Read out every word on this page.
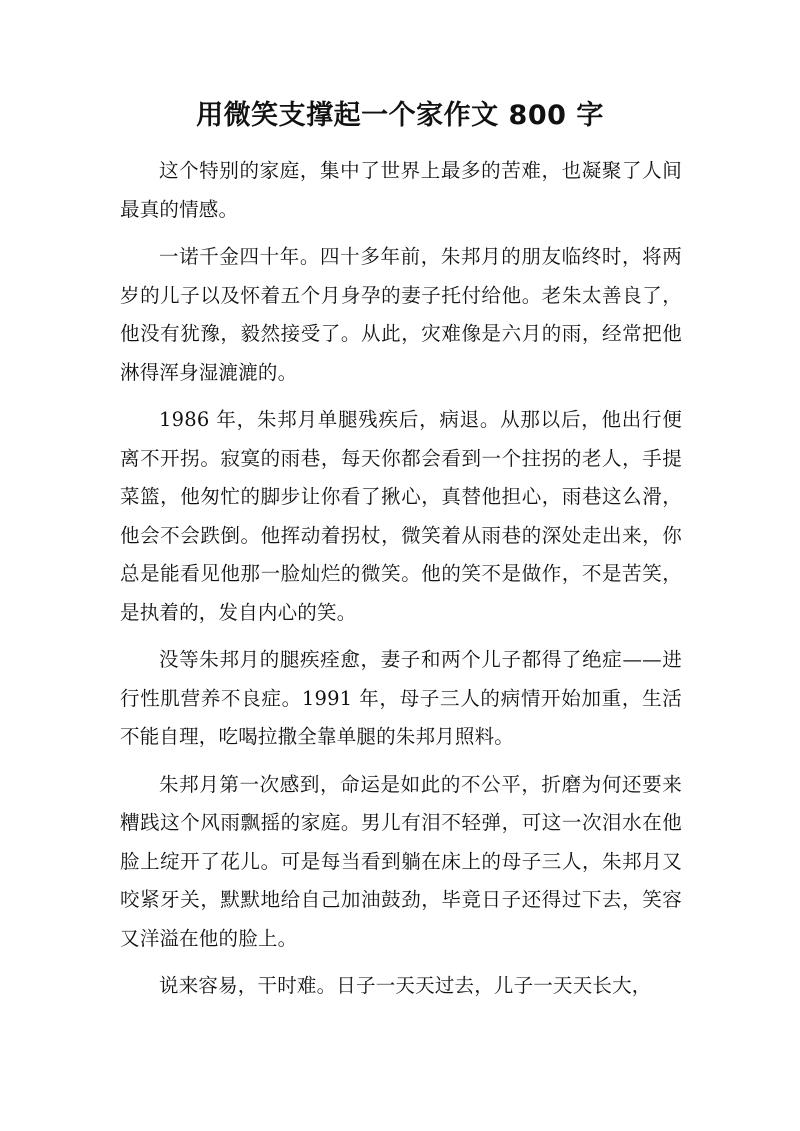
用微笑支撑起一个家作文 800 字

这个特别的家庭，集中了世界上最多的苦难，也凝聚了人间最真的情感。

一诺千金四十年。四十多年前，朱邦月的朋友临终时，将两岁的儿子以及怀着五个月身孕的妻子托付给他。老朱太善良了，他没有犹豫，毅然接受了。从此，灾难像是六月的雨，经常把他淋得浑身湿漉漉的。

1986 年，朱邦月单腿残疾后，病退。从那以后，他出行便离不开拐。寂寞的雨巷，每天你都会看到一个拄拐的老人，手提菜篮，他匆忙的脚步让你看了揪心，真替他担心，雨巷这么滑，他会不会跌倒。他挥动着拐杖，微笑着从雨巷的深处走出来，你总是能看见他那一脸灿烂的微笑。他的笑不是做作，不是苦笑，是执着的，发自内心的笑。

没等朱邦月的腿疾痊愈，妻子和两个儿子都得了绝症——进行性肌营养不良症。1991 年，母子三人的病情开始加重，生活不能自理，吃喝拉撒全靠单腿的朱邦月照料。

朱邦月第一次感到，命运是如此的不公平，折磨为何还要来糟践这个风雨飘摇的家庭。男儿有泪不轻弹，可这一次泪水在他脸上绽开了花儿。可是每当看到躺在床上的母子三人，朱邦月又咬紧牙关，默默地给自己加油鼓劲，毕竟日子还得过下去，笑容又洋溢在他的脸上。

说来容易，干时难。日子一天天过去，儿子一天天长大，
